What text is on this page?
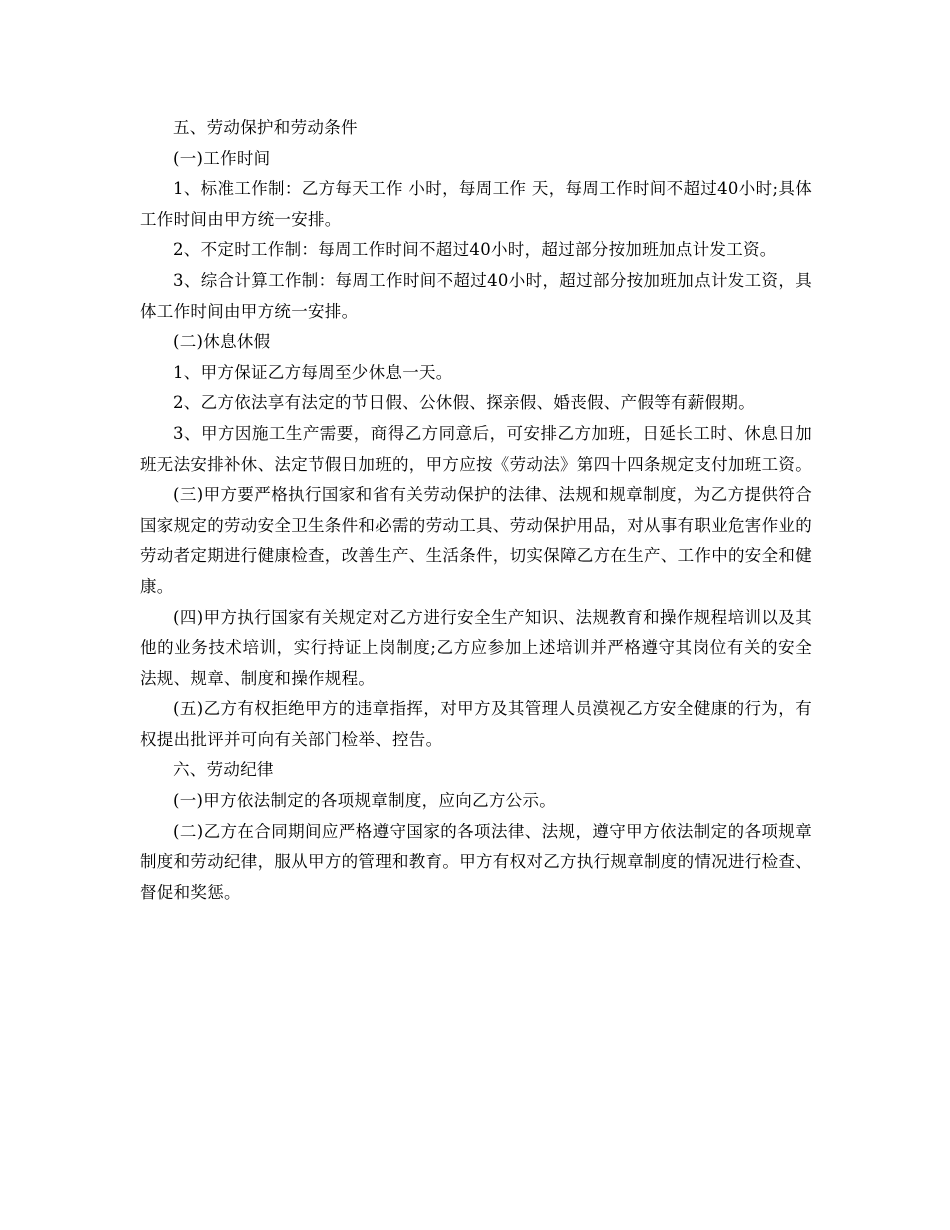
五、劳动保护和劳动条件

(一)工作时间

1、标准工作制：乙方每天工作 小时，每周工作 天，每周工作时间不超过40小时;具体工作时间由甲方统一安排。

2、不定时工作制：每周工作时间不超过40小时，超过部分按加班加点计发工资。

3、综合计算工作制：每周工作时间不超过40小时，超过部分按加班加点计发工资，具体工作时间由甲方统一安排。

(二)休息休假

1、甲方保证乙方每周至少休息一天。

2、乙方依法享有法定的节日假、公休假、探亲假、婚丧假、产假等有薪假期。

3、甲方因施工生产需要，商得乙方同意后，可安排乙方加班，日延长工时、休息日加班无法安排补休、法定节假日加班的，甲方应按《劳动法》第四十四条规定支付加班工资。

(三)甲方要严格执行国家和省有关劳动保护的法律、法规和规章制度，为乙方提供符合国家规定的劳动安全卫生条件和必需的劳动工具、劳动保护用品，对从事有职业危害作业的劳动者定期进行健康检查，改善生产、生活条件，切实保障乙方在生产、工作中的安全和健康。

(四)甲方执行国家有关规定对乙方进行安全生产知识、法规教育和操作规程培训以及其他的业务技术培训，实行持证上岗制度;乙方应参加上述培训并严格遵守其岗位有关的安全法规、规章、制度和操作规程。

(五)乙方有权拒绝甲方的违章指挥，对甲方及其管理人员漠视乙方安全健康的行为，有权提出批评并可向有关部门检举、控告。

六、劳动纪律

(一)甲方依法制定的各项规章制度，应向乙方公示。

(二)乙方在合同期间应严格遵守国家的各项法律、法规，遵守甲方依法制定的各项规章制度和劳动纪律，服从甲方的管理和教育。甲方有权对乙方执行规章制度的情况进行检查、督促和奖惩。
